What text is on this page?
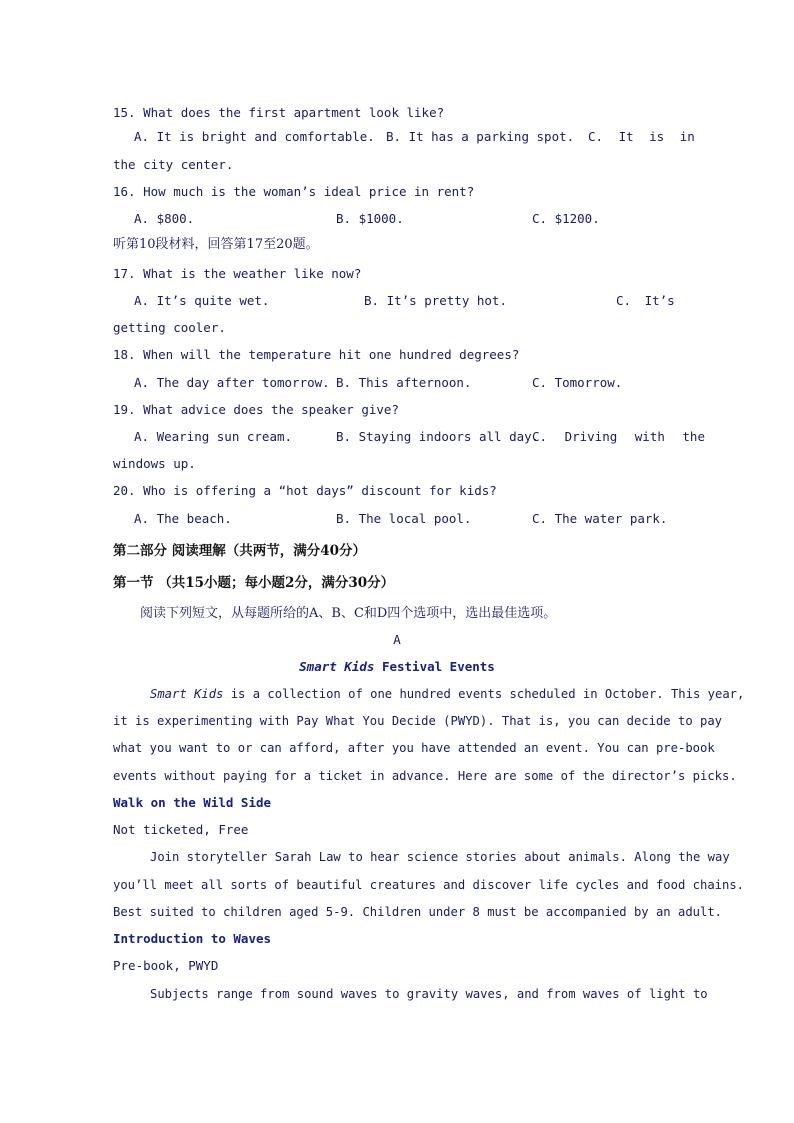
15. What does the first apartment look like?
A. It is bright and comfortable. B. It has a parking spot. C. It is in
the city center.
16. How much is the woman’s ideal price in rent?
A. $800.	B. $1000.	C. $1200.
听第10段材料，回答第17至20题。
17. What is the weather like now?
A. It’s quite wet.	B. It’s pretty hot.	C. It’s
getting cooler.
18. When will the temperature hit one hundred degrees?
A. The day after tomorrow. B. This afternoon.	C. Tomorrow.
19. What advice does the speaker give?
A. Wearing sun cream.	B. Staying indoors all day.
C. Driving with the
windows up.
20. Who is offering a “hot days” discount for kids?
A. The beach.	B. The local pool.	C. The water park.
第二部分 阅读理解（共两节，满分40分）
第一节 （共15小题；每小题2分，满分30分）
阅读下列短文，从每题所给的A、B、C和D四个选项中，选出最佳选项。
A
Smart Kids Festival Events
Smart Kids is a collection of one hundred events scheduled in October. This year,
it is experimenting with Pay What You Decide (PWYD). That is, you can decide to pay
what you want to or can afford, after you have attended an event. You can pre-book
events without paying for a ticket in advance. Here are some of the director’s picks.
Walk on the Wild Side
Not ticketed, Free
Join storyteller Sarah Law to hear science stories about animals. Along the way
you’ll meet all sorts of beautiful creatures and discover life cycles and food chains.
Best suited to children aged 5-9. Children under 8 must be accompanied by an adult.
Introduction to Waves
Pre-book, PWYD
Subjects range from sound waves to gravity waves, and from waves of light to
